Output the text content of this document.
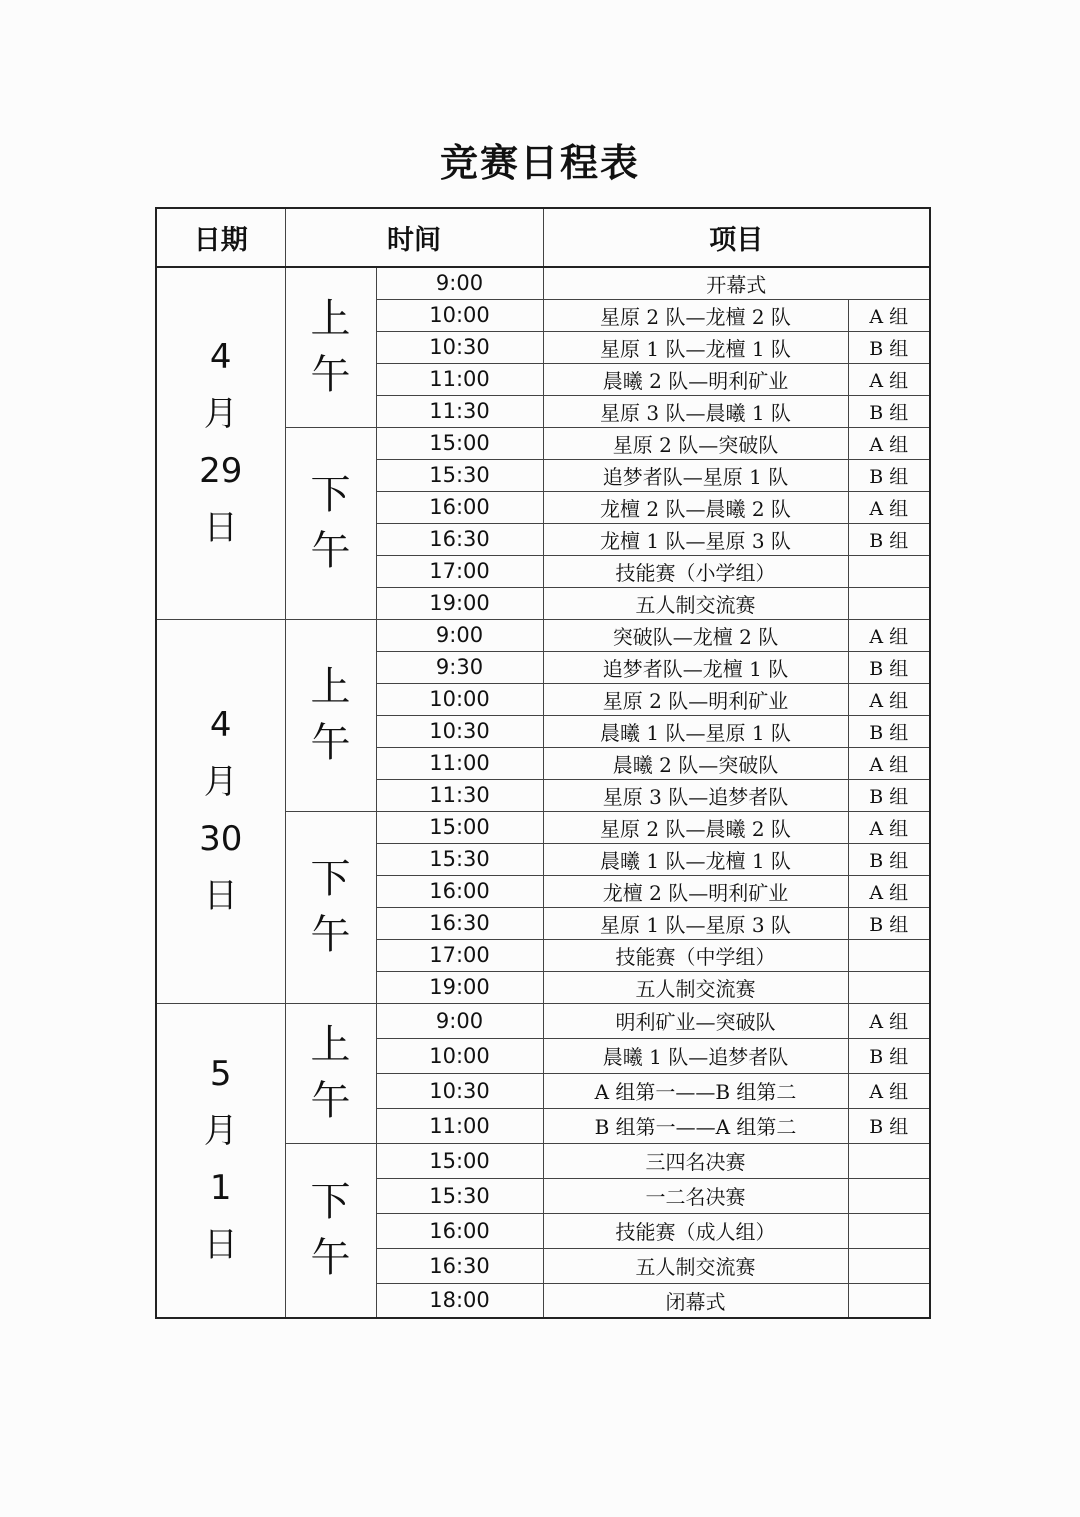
竞赛日程表
日期	时间		项目	

4
月
29
日	上
午	9:00	开幕式	
		10:00	星原 2 队—龙檀 2 队	A 组
		10:30	星原 1 队—龙檀 1 队	B 组
		11:00	晨曦 2 队—明利矿业	A 组
		11:30	星原 3 队—晨曦 1 队	B 组

	下
午	15:00	星原 2 队—突破队	A 组
		15:30	追梦者队—星原 1 队	B 组
		16:00	龙檀 2 队—晨曦 2 队	A 组
		16:30	龙檀 1 队—星原 3 队	B 组
		17:00	技能赛（小学组）	
		19:00	五人制交流赛	

4
月
30
日	上
午	9:00	突破队—龙檀 2 队	A 组
		9:30	追梦者队—龙檀 1 队	B 组
		10:00	星原 2 队—明利矿业	A 组
		10:30	晨曦 1 队—星原 1 队	B 组
		11:00	晨曦 2 队—突破队	A 组
		11:30	星原 3 队—追梦者队	B 组

	下
午	15:00	星原 2 队—晨曦 2 队	A 组
		15:30	晨曦 1 队—龙檀 1 队	B 组
		16:00	龙檀 2 队—明利矿业	A 组
		16:30	星原 1 队—星原 3 队	B 组
		17:00	技能赛（中学组）	
		19:00	五人制交流赛	

5
月
1
日	上
午	9:00	明利矿业—突破队	A 组
		10:00	晨曦 1 队—追梦者队	B 组
		10:30	A 组第一——B 组第二	A 组
		11:00	B 组第一——A 组第二	B 组

	下
午	15:00	三四名决赛	
		15:30	一二名决赛	
		16:00	技能赛（成人组）	
		16:30	五人制交流赛	
		18:00	闭幕式	
